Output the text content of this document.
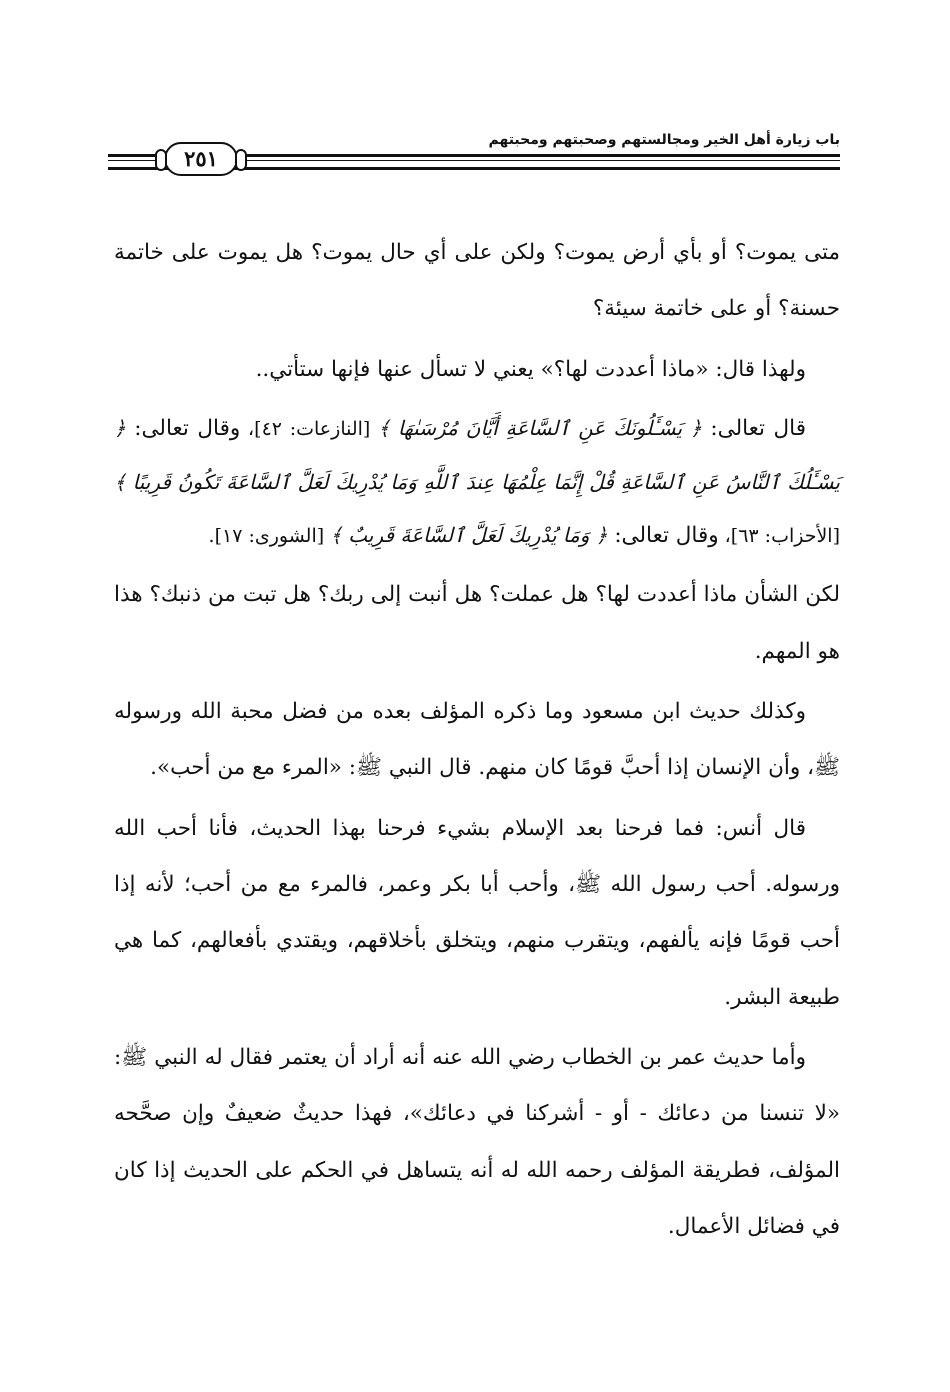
باب زيارة أهل الخير ومجالستهم وصحبتهم ومحبتهم
٢٥١

متى يموت؟ أو بأي أرض يموت؟ ولكن على أي حال يموت؟ هل يموت على خاتمة حسنة؟ أو على خاتمة سيئة؟

ولهذا قال: «ماذا أعددت لها؟» يعني لا تسأل عنها فإنها ستأتي..

قال تعالى: ﴿ يَسْـَٔلُونَكَ عَنِ ٱلسَّاعَةِ أَيَّانَ مُرْسَىٰهَا ﴾ [النازعات: ٤٢]، وقال تعالى: ﴿ يَسْـَٔلُكَ ٱلنَّاسُ عَنِ ٱلسَّاعَةِ قُلْ إِنَّمَا عِلْمُهَا عِندَ ٱللَّهِ وَمَا يُدْرِيكَ لَعَلَّ ٱلسَّاعَةَ تَكُونُ قَرِيبًا ﴾ [الأحزاب: ٦٣]، وقال تعالى: ﴿ وَمَا يُدْرِيكَ لَعَلَّ ٱلسَّاعَةَ قَرِيبٌ ﴾ [الشورى: ١٧].

لكن الشأن ماذا أعددت لها؟ هل عملت؟ هل أنبت إلى ربك؟ هل تبت من ذنبك؟ هذا هو المهم.

وكذلك حديث ابن مسعود وما ذكره المؤلف بعده من فضل محبة الله ورسوله ﷺ، وأن الإنسان إذا أحبَّ قومًا كان منهم. قال النبي ﷺ: «المرء مع من أحب».

قال أنس: فما فرحنا بعد الإسلام بشيء فرحنا بهذا الحديث، فأنا أحب الله ورسوله. أحب رسول الله ﷺ، وأحب أبا بكر وعمر، فالمرء مع من أحب؛ لأنه إذا أحب قومًا فإنه يألفهم، ويتقرب منهم، ويتخلق بأخلاقهم، ويقتدي بأفعالهم، كما هي طبيعة البشر.

وأما حديث عمر بن الخطاب رضي الله عنه أنه أراد أن يعتمر فقال له النبي ﷺ: «لا تنسنا من دعائك - أو - أشركنا في دعائك»، فهذا حديثٌ ضعيفٌ وإن صحَّحه المؤلف، فطريقة المؤلف رحمه الله له أنه يتساهل في الحكم على الحديث إذا كان في فضائل الأعمال.
